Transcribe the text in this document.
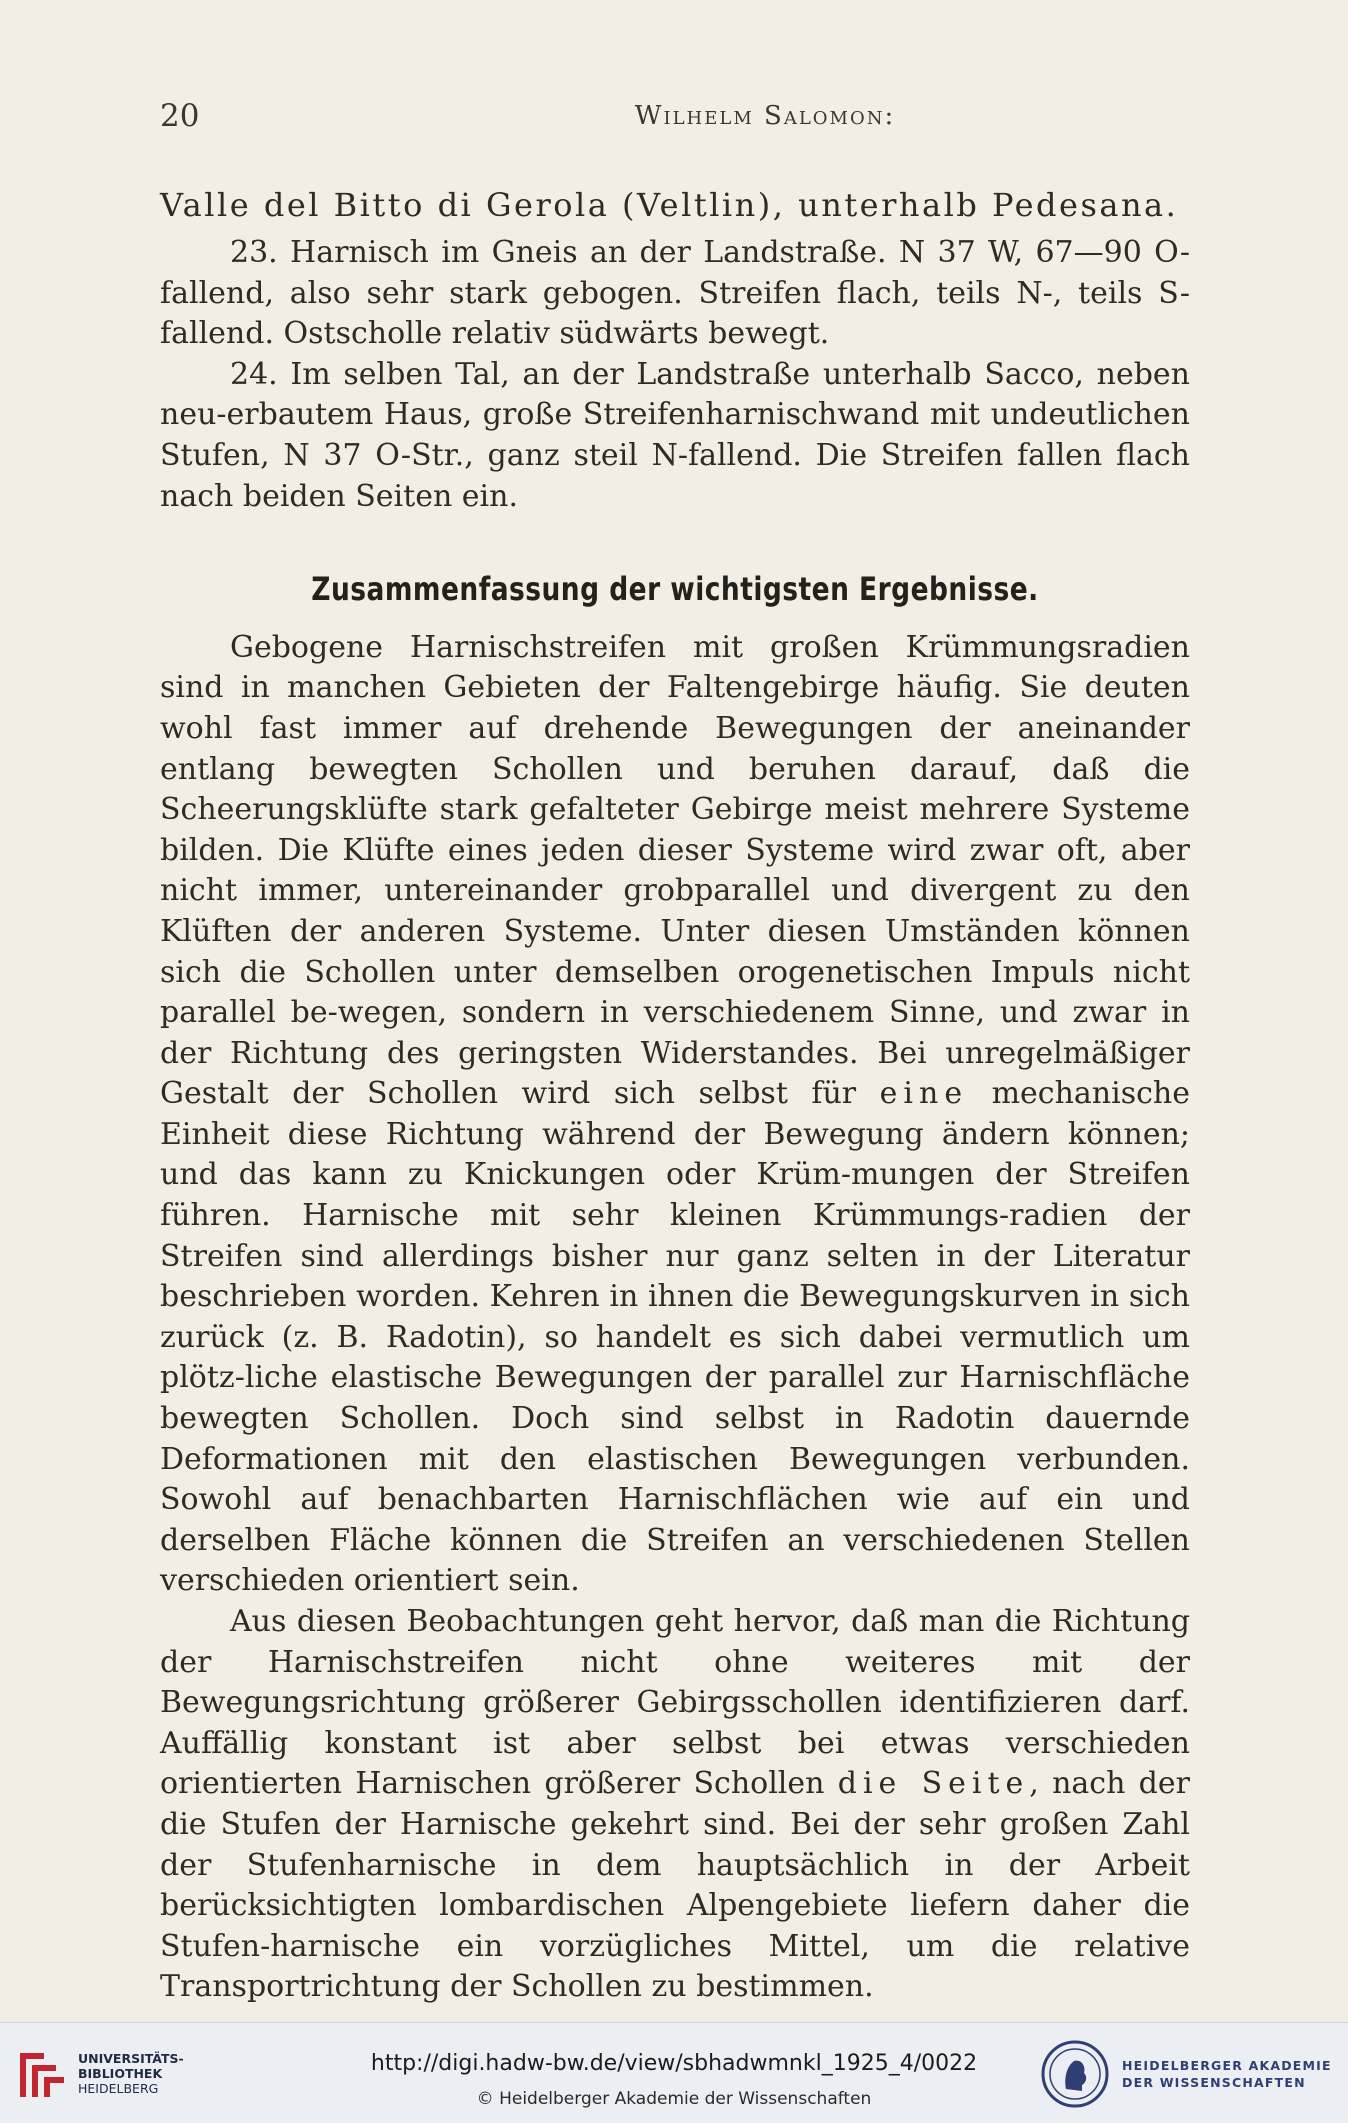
20	Wilhelm Salomon:

Valle del Bitto di Gerola (Veltlin), unterhalb Pedesana.

23. Harnisch im Gneis an der Landstraße. N 37 W, 67—90 O-fallend, also sehr stark gebogen. Streifen flach, teils N-, teils S-fallend. Ostscholle relativ südwärts bewegt.

24. Im selben Tal, an der Landstraße unterhalb Sacco, neben neu-erbautem Haus, große Streifenharnischwand mit undeutlichen Stufen, N 37 O-Str., ganz steil N-fallend. Die Streifen fallen flach nach beiden Seiten ein.

Zusammenfassung der wichtigsten Ergebnisse.

Gebogene Harnischstreifen mit großen Krümmungsradien sind in manchen Gebieten der Faltengebirge häufig. Sie deuten wohl fast immer auf drehende Bewegungen der aneinander entlang bewegten Schollen und beruhen darauf, daß die Scheerungsklüfte stark gefalteter Gebirge meist mehrere Systeme bilden. Die Klüfte eines jeden dieser Systeme wird zwar oft, aber nicht immer, untereinander grobparallel und divergent zu den Klüften der anderen Systeme. Unter diesen Umständen können sich die Schollen unter demselben orogenetischen Impuls nicht parallel be-wegen, sondern in verschiedenem Sinne, und zwar in der Richtung des geringsten Widerstandes. Bei unregelmäßiger Gestalt der Schollen wird sich selbst für eine mechanische Einheit diese Richtung während der Bewegung ändern können; und das kann zu Knickungen oder Krüm-mungen der Streifen führen. Harnische mit sehr kleinen Krümmungs-radien der Streifen sind allerdings bisher nur ganz selten in der Literatur beschrieben worden. Kehren in ihnen die Bewegungskurven in sich zurück (z. B. Radotin), so handelt es sich dabei vermutlich um plötz-liche elastische Bewegungen der parallel zur Harnischfläche bewegten Schollen. Doch sind selbst in Radotin dauernde Deformationen mit den elastischen Bewegungen verbunden. Sowohl auf benachbarten Harnischflächen wie auf ein und derselben Fläche können die Streifen an verschiedenen Stellen verschieden orientiert sein.

Aus diesen Beobachtungen geht hervor, daß man die Richtung der Harnischstreifen nicht ohne weiteres mit der Bewegungsrichtung größerer Gebirgsschollen identifizieren darf. Auffällig konstant ist aber selbst bei etwas verschieden orientierten Harnischen größerer Schollen die Seite, nach der die Stufen der Harnische gekehrt sind. Bei der sehr großen Zahl der Stufenharnische in dem hauptsächlich in der Arbeit berücksichtigten lombardischen Alpengebiete liefern daher die Stufen-harnische ein vorzügliches Mittel, um die relative Transportrichtung der Schollen zu bestimmen.

UNIVERSITÄTS-
BIBLIOTHEK
HEIDELBERG
http://digi.hadw-bw.de/view/sbhadwmnkl_1925_4/0022
© Heidelberger Akademie der Wissenschaften
HEIDELBERGER AKADEMIE
DER WISSENSCHAFTEN
